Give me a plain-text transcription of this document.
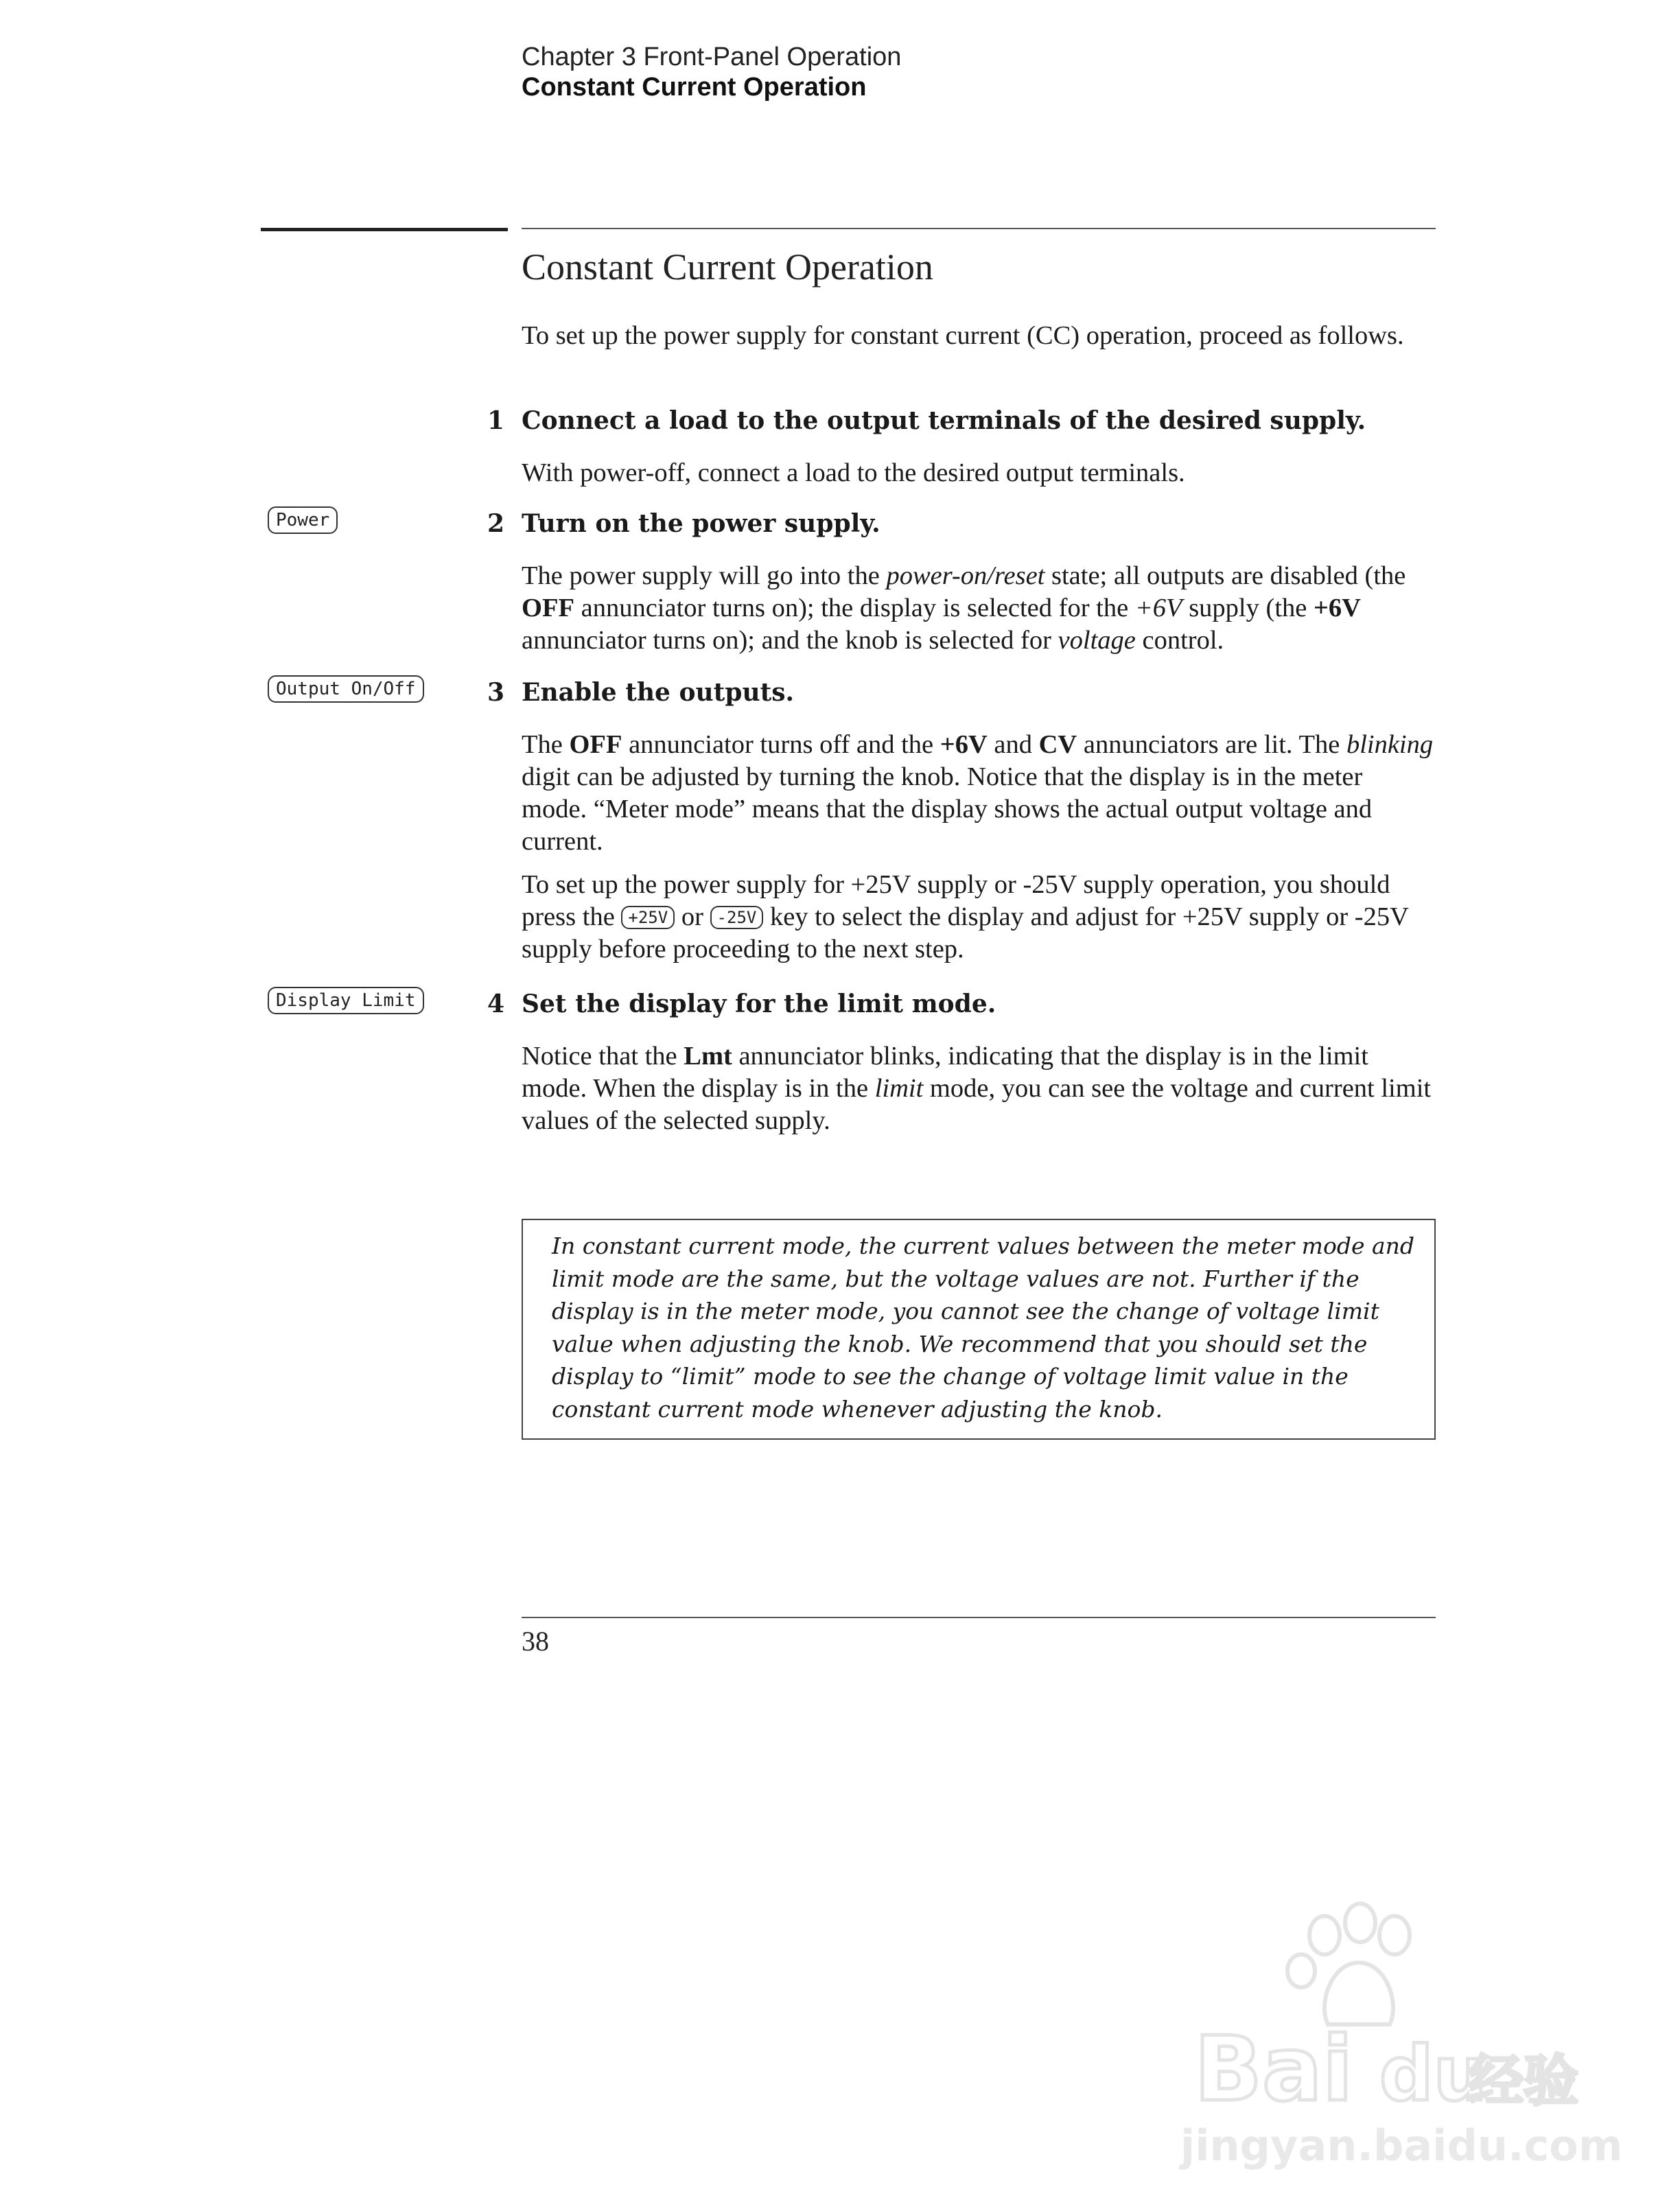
Chapter 3 Front-Panel Operation
Constant Current Operation
Constant Current Operation
To set up the power supply for constant current (CC) operation, proceed as follows.
1 Connect a load to the output terminals of the desired supply.
With power-off, connect a load to the desired output terminals.
Power	2 Turn on the power supply.
The power supply will go into the power-on/reset state; all outputs are disabled (the OFF annunciator turns on); the display is selected for the +6V supply (the +6V annunciator turns on); and the knob is selected for voltage control.
Output On/Off	3 Enable the outputs.
The OFF annunciator turns off and the +6V and CV annunciators are lit. The blinking digit can be adjusted by turning the knob. Notice that the display is in the meter mode. “Meter mode” means that the display shows the actual output voltage and current.
To set up the power supply for +25V supply or -25V supply operation, you should press the +25V or -25V key to select the display and adjust for +25V supply or -25V supply before proceeding to the next step.
Display Limit	4 Set the display for the limit mode.
Notice that the Lmt annunciator blinks, indicating that the display is in the limit mode. When the display is in the limit mode, you can see the voltage and current limit values of the selected supply.
In constant current mode, the current values between the meter mode and limit mode are the same, but the voltage values are not. Further if the display is in the meter mode, you cannot see the change of voltage limit value when adjusting the knob. We recommend that you should set the display to “limit” mode to see the change of voltage limit value in the constant current mode whenever adjusting the knob.
38
Bai du
经验
jingyan.baidu.com
